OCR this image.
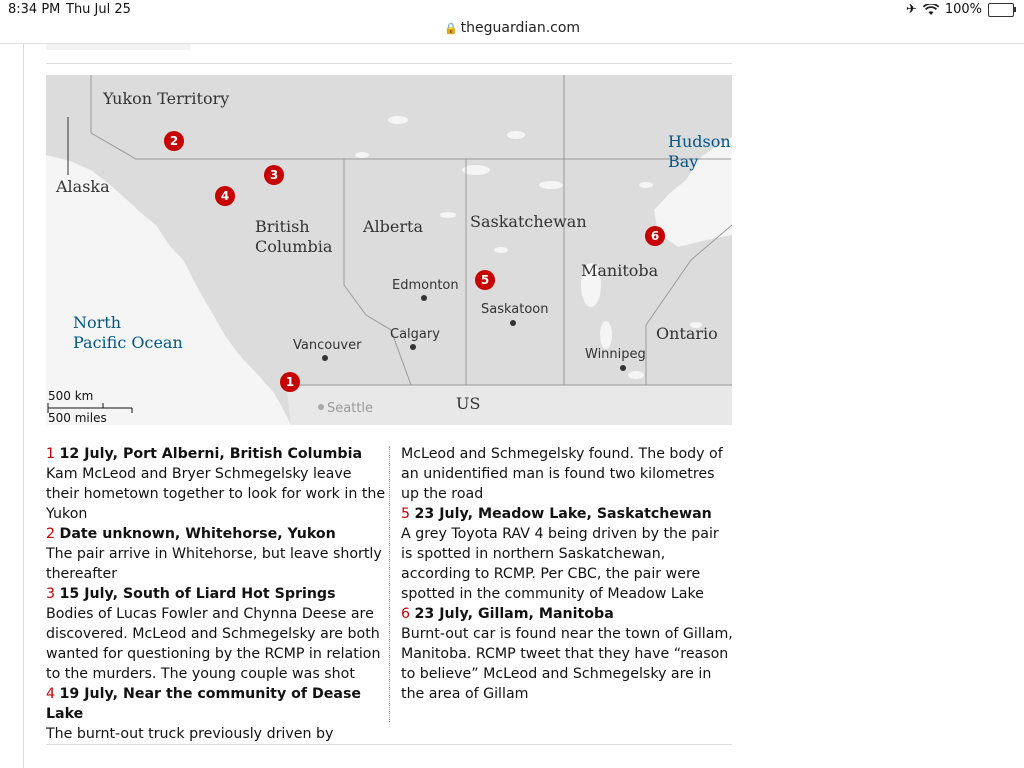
8:34 PM Thu Jul 25	✈ 100%
🔒 theguardian.com
Yukon Territory
Alaska
British
Columbia
Alberta	Saskatchewan
Manitoba
Ontario
US
Hudson
Bay
North
Pacific Ocean
Edmonton
Calgary
Vancouver
Saskatoon
Winnipeg
Seattle
1
2
3
4
5
6
500 km
500 miles

1 12 July, Port Alberni, British Columbia

Kam McLeod and Bryer Schmegelsky leave their hometown together to look for work in the Yukon

2 Date unknown, Whitehorse, Yukon

The pair arrive in Whitehorse, but leave shortly thereafter

3 15 July, South of Liard Hot Springs

Bodies of Lucas Fowler and Chynna Deese are discovered. McLeod and Schmegelsky are both wanted for questioning by the RCMP in relation to the murders. The young couple was shot

4 19 July, Near the community of Dease Lake

The burnt-out truck previously driven by

McLeod and Schmegelsky found. The body of an unidentified man is found two kilometres up the road

5 23 July, Meadow Lake, Saskatchewan

A grey Toyota RAV 4 being driven by the pair is spotted in northern Saskatchewan, according to RCMP. Per CBC, the pair were spotted in the community of Meadow Lake

6 23 July, Gillam, Manitoba

Burnt-out car is found near the town of Gillam, Manitoba. RCMP tweet that they have “reason to believe” McLeod and Schmegelsky are in the area of Gillam
